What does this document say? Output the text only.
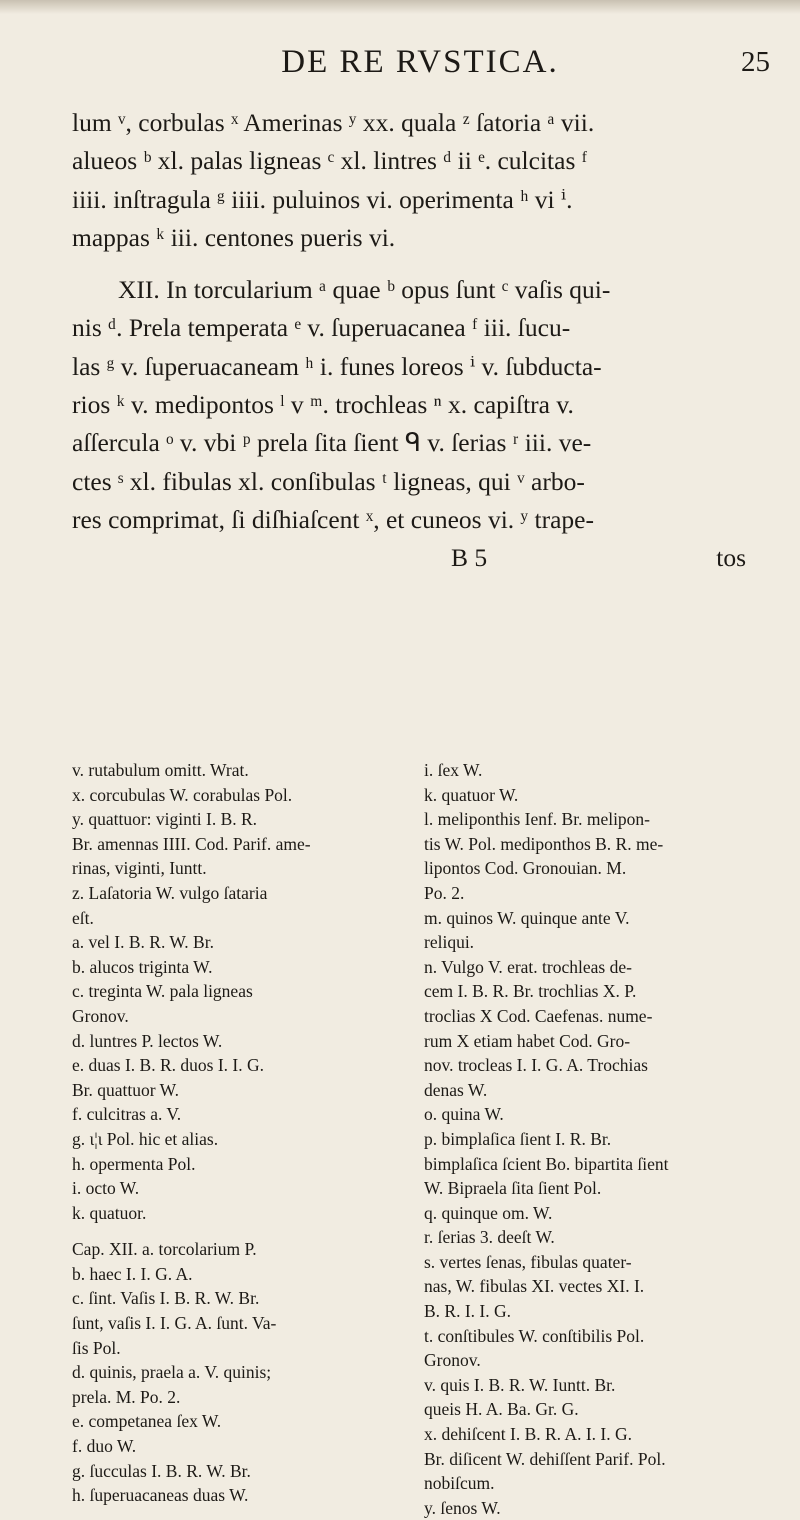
DE RE RVSTICA.	25

lum ᵛ, corbulas ˣ Amerinas ʸ xx. quala ᶻ ſatoria ᵃ vii.

alueos ᵇ xl. palas ligneas ᶜ xl. lintres ᵈ ii ᵉ. culcitas ᶠ

iiii. inſtragula ᵍ iiii. puluinos vi. operimenta ʰ vi ⁱ.

mappas ᵏ iii. centones pueris vi.

XII. In torcularium ᵃ quae ᵇ opus ſunt ᶜ vaſis qui-

nis ᵈ. Prela temperata ᵉ v. ſuperuacanea ᶠ iii. ſucu-

las ᵍ v. ſuperuacaneam ʰ i. funes loreos ⁱ v. ſubducta-

rios ᵏ v. medipontos ˡ v ᵐ. trochleas ⁿ x. capiſtra v.

aſſercula ᵒ v. vbi ᵖ prela ſita ſient ᑫ v. ſerias ʳ iii. ve-

ctes ˢ xl. fibulas xl. conſibulas ᵗ ligneas, qui ᵛ arbo-

res comprimat, ſi diſhiaſcent ˣ, et cuneos vi. ʸ trape-

B 5	tos

v. rutabulum omitt. Wrat.

x. corcubulas W. corabulas Pol.

y. quattuor: viginti I. B. R.

Br. amennas IIII. Cod. Parif. ame-

rinas, viginti, Iuntt.

z. Laſatoria W. vulgo ſataria

eſt.

a. vel I. B. R. W. Br.

b. alucos triginta W.

c. treginta W. pala ligneas

Gronov.

d. luntres P. lectos W.

e. duas I. B. R. duos I. I. G.

Br. quattuor W.

f. culcitras a. V.

g. ι¦ι Pol. hic et alias.

h. opermenta Pol.

i. octo W.

k. quatuor.

Cap. XII. a. torcolarium P.

b. haec I. I. G. A.

c. ſint. Vaſis I. B. R. W. Br.

ſunt, vaſis I. I. G. A. ſunt. Va-

ſis Pol.

d. quinis, praela a. V. quinis;

prela. M. Po. 2.

e. competanea ſex W.

f. duo W.

g. ſucculas I. B. R. W. Br.

h. ſuperuacaneas duas W.

i. ſex W.

k. quatuor W.

l. meliponthis Ienf. Br. melipon-

tis W. Pol. mediponthos B. R. me-

lipontos Cod. Gronouian. M.

Po. 2.

m. quinos W. quinque ante V.

reliqui.

n. Vulgo V. erat. trochleas de-

cem I. B. R. Br. trochlias X. P.

troclias X Cod. Caefenas. nume-

rum X etiam habet Cod. Gro-

nov. trocleas I. I. G. A. Trochias

denas W.

o. quina W.

p. bimplaſica ſient I. R. Br.

bimplaſica ſcient Bo. bipartita ſient

W. Bipraela ſita ſient Pol.

q. quinque om. W.

r. ſerias 3. deeſt W.

s. vertes ſenas, fibulas quater-

nas, W. fibulas XI. vectes XI. I.

B. R. I. I. G.

t. conſtibules W. conſtibilis Pol.

Gronov.

v. quis I. B. R. W. Iuntt. Br.

queis H. A. Ba. Gr. G.

x. dehiſcent I. B. R. A. I. I. G.

Br. diſicent W. dehiſſent Parif. Pol.

nobiſcum.

y. ſenos W.
